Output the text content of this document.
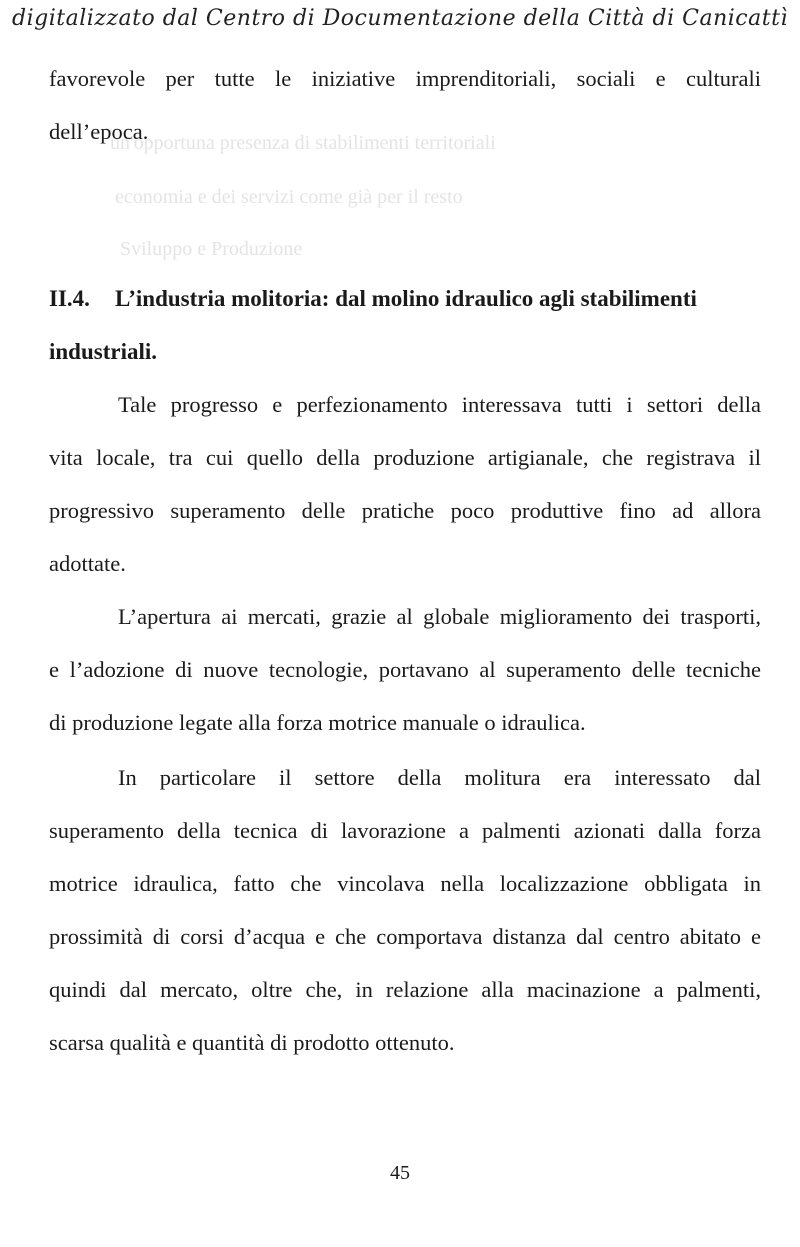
digitalizzato dal Centro di Documentazione della Città di Canicattì
un'opportuna presenza di stabilimenti territoriali
economia e dei servizi come già per il resto
Sviluppo e Produzione
favorevole per tutte le iniziative imprenditoriali, sociali e culturali
dell’epoca.
II.4. L’industria molitoria: dal molino idraulico agli stabilimenti
industriali.
Tale progresso e perfezionamento interessava tutti i settori della
vita locale, tra cui quello della produzione artigianale, che registrava il
progressivo superamento delle pratiche poco produttive fino ad allora
adottate.
L’apertura ai mercati, grazie al globale miglioramento dei trasporti,
e l’adozione di nuove tecnologie, portavano al superamento delle tecniche
di produzione legate alla forza motrice manuale o idraulica.
In particolare il settore della molitura era interessato dal
superamento della tecnica di lavorazione a palmenti azionati dalla forza
motrice idraulica, fatto che vincolava nella localizzazione obbligata in
prossimità di corsi d’acqua e che comportava distanza dal centro abitato e
quindi dal mercato, oltre che, in relazione alla macinazione a palmenti,
scarsa qualità e quantità di prodotto ottenuto.
45
